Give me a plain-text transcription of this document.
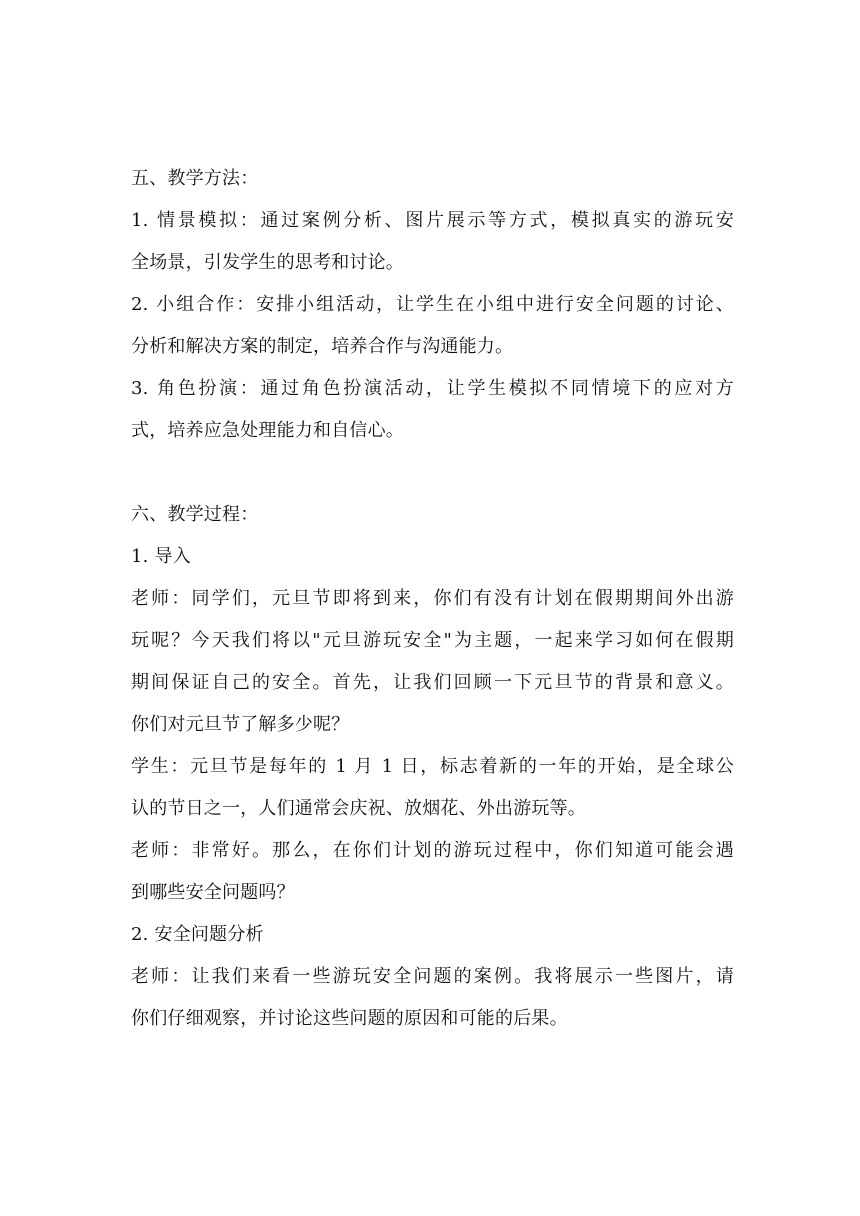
五、教学方法：
1. 情景模拟：通过案例分析、图片展示等方式，模拟真实的游玩安
全场景，引发学生的思考和讨论。
2. 小组合作：安排小组活动，让学生在小组中进行安全问题的讨论、
分析和解决方案的制定，培养合作与沟通能力。
3. 角色扮演：通过角色扮演活动，让学生模拟不同情境下的应对方
式，培养应急处理能力和自信心。
六、教学过程：
1. 导入
老师：同学们，元旦节即将到来，你们有没有计划在假期期间外出游
玩呢？今天我们将以"元旦游玩安全"为主题，一起来学习如何在假期
期间保证自己的安全。首先，让我们回顾一下元旦节的背景和意义。
你们对元旦节了解多少呢？
学生：元旦节是每年的 1 月 1 日，标志着新的一年的开始，是全球公
认的节日之一，人们通常会庆祝、放烟花、外出游玩等。
老师：非常好。那么，在你们计划的游玩过程中，你们知道可能会遇
到哪些安全问题吗？
2. 安全问题分析
老师：让我们来看一些游玩安全问题的案例。我将展示一些图片，请
你们仔细观察，并讨论这些问题的原因和可能的后果。
